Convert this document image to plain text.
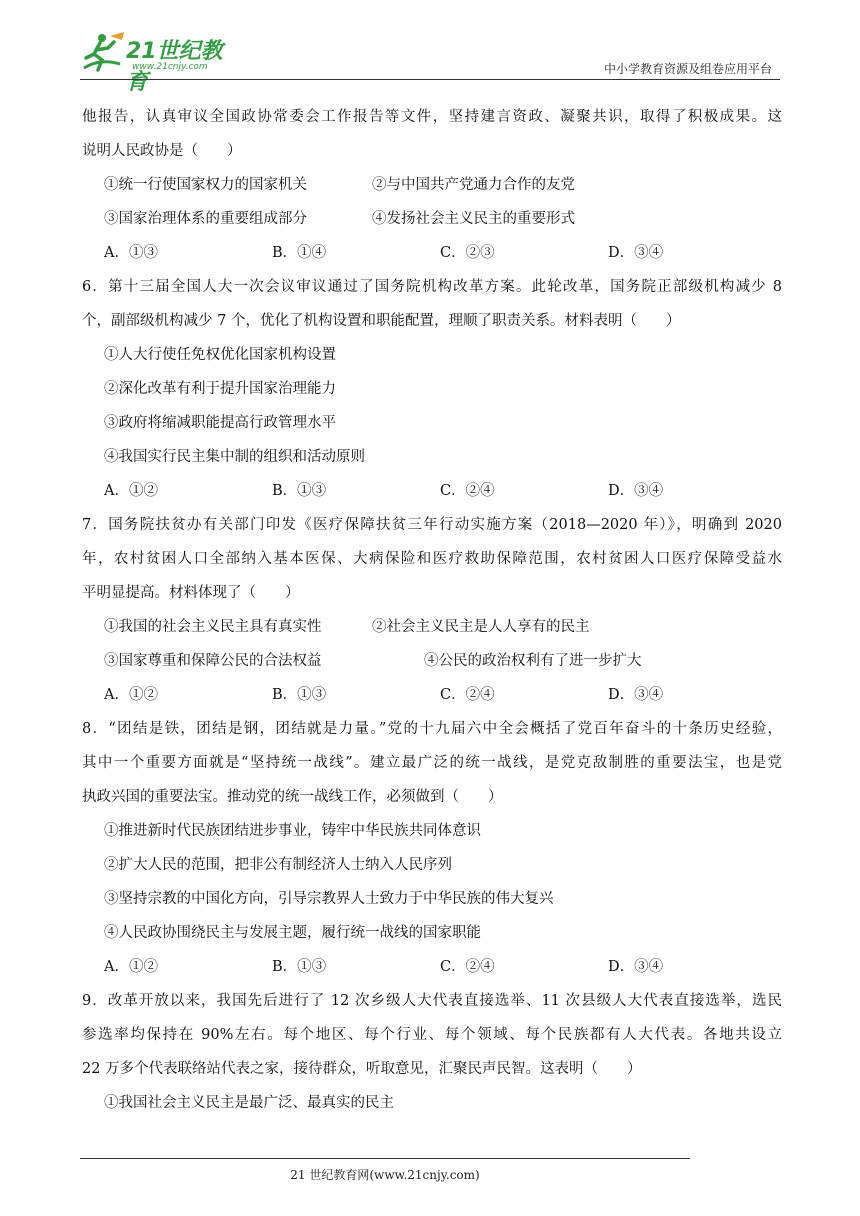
21世纪教育
www.21cnjy.com	中小学教育资源及组卷应用平台
他报告，认真审议全国政协常委会工作报告等文件，坚持建言资政、凝聚共识，取得了积极成果。这
说明人民政协是（　　）
①统一行使国家权力的国家机关	②与中国共产党通力合作的友党
③国家治理体系的重要组成部分	④发扬社会主义民主的重要形式
A．①③	B．①④	C．②③	D．③④
6．第十三届全国人大一次会议审议通过了国务院机构改革方案。此轮改革，国务院正部级机构减少 8
个，副部级机构减少 7 个，优化了机构设置和职能配置，理顺了职责关系。材料表明（　　）
①人大行使任免权优化国家机构设置
②深化改革有利于提升国家治理能力
③政府将缩减职能提高行政管理水平
④我国实行民主集中制的组织和活动原则
A．①②	B．①③	C．②④	D．③④
7．国务院扶贫办有关部门印发《医疗保障扶贫三年行动实施方案（2018—2020 年）》，明确到 2020
年，农村贫困人口全部纳入基本医保、大病保险和医疗救助保障范围，农村贫困人口医疗保障受益水
平明显提高。材料体现了（　　）
①我国的社会主义民主具有真实性	②社会主义民主是人人享有的民主
③国家尊重和保障公民的合法权益	④公民的政治权利有了进一步扩大
A．①②	B．①③	C．②④	D．③④
8．“团结是铁，团结是钢，团结就是力量。”党的十九届六中全会概括了党百年奋斗的十条历史经验，
其中一个重要方面就是“坚持统一战线”。建立最广泛的统一战线，是党克敌制胜的重要法宝，也是党
执政兴国的重要法宝。推动党的统一战线工作，必须做到（　　）
①推进新时代民族团结进步事业，铸牢中华民族共同体意识
②扩大人民的范围，把非公有制经济人士纳入人民序列
③坚持宗教的中国化方向，引导宗教界人士致力于中华民族的伟大复兴
④人民政协围绕民主与发展主题，履行统一战线的国家职能
A．①②	B．①③	C．②④	D．③④
9．改革开放以来，我国先后进行了 12 次乡级人大代表直接选举、11 次县级人大代表直接选举，选民
参选率均保持在 90%左右。每个地区、每个行业、每个领域、每个民族都有人大代表。各地共设立
22 万多个代表联络站代表之家，接待群众，听取意见，汇聚民声民智。这表明（　　）
①我国社会主义民主是最广泛、最真实的民主
21 世纪教育网(www.21cnjy.com)
